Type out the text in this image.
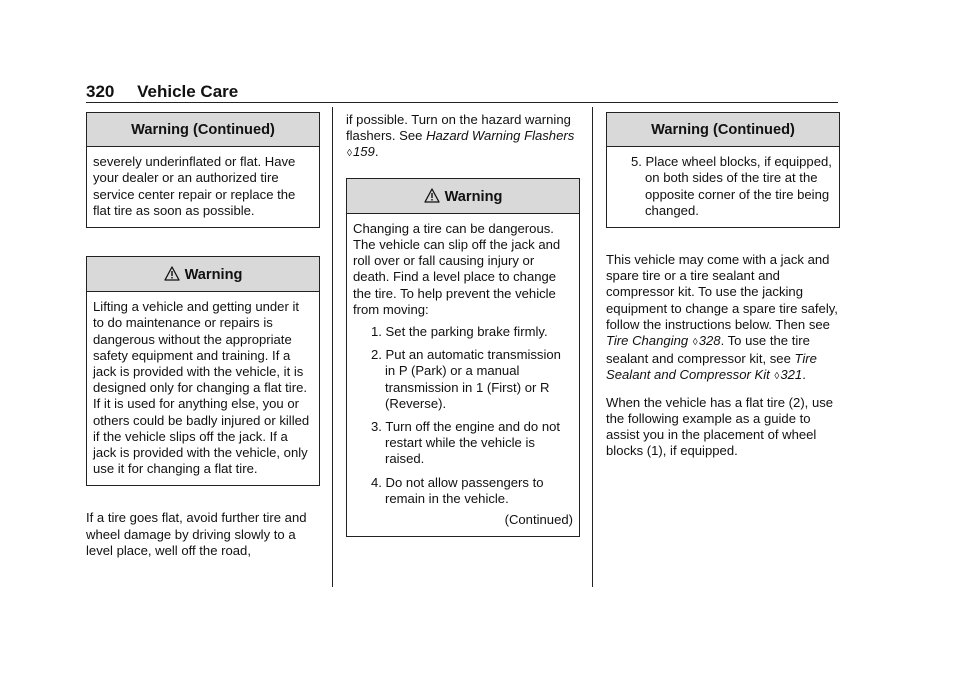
320 Vehicle Care
Warning (Continued)

severely underinflated or flat. Have your dealer or an authorized tire service center repair or replace the flat tire as soon as possible.

Warning

Lifting a vehicle and getting under it to do maintenance or repairs is dangerous without the appropriate safety equipment and training. If a jack is provided with the vehicle, it is designed only for changing a flat tire. If it is used for anything else, you or others could be badly injured or killed if the vehicle slips off the jack. If a jack is provided with the vehicle, only use it for changing a flat tire.

If a tire goes flat, avoid further tire and wheel damage by driving slowly to a level place, well off the road,

if possible. Turn on the hazard warning flashers. See Hazard Warning Flashers ◊159.

Warning

Changing a tire can be dangerous. The vehicle can slip off the jack and roll over or fall causing injury or death. Find a level place to change the tire. To help prevent the vehicle from moving:

1. Set the parking brake firmly.
2. Put an automatic transmission in P (Park) or a manual transmission in 1 (First) or R (Reverse).
3. Turn off the engine and do not restart while the vehicle is raised.
4. Do not allow passengers to remain in the vehicle.
(Continued)
Warning (Continued)
5. Place wheel blocks, if equipped, on both sides of the tire at the opposite corner of the tire being changed.

This vehicle may come with a jack and spare tire or a tire sealant and compressor kit. To use the jacking equipment to change a spare tire safely, follow the instructions below. Then see Tire Changing ◊328. To use the tire sealant and compressor kit, see Tire Sealant and Compressor Kit ◊321.

When the vehicle has a flat tire (2), use the following example as a guide to assist you in the placement of wheel blocks (1), if equipped.
